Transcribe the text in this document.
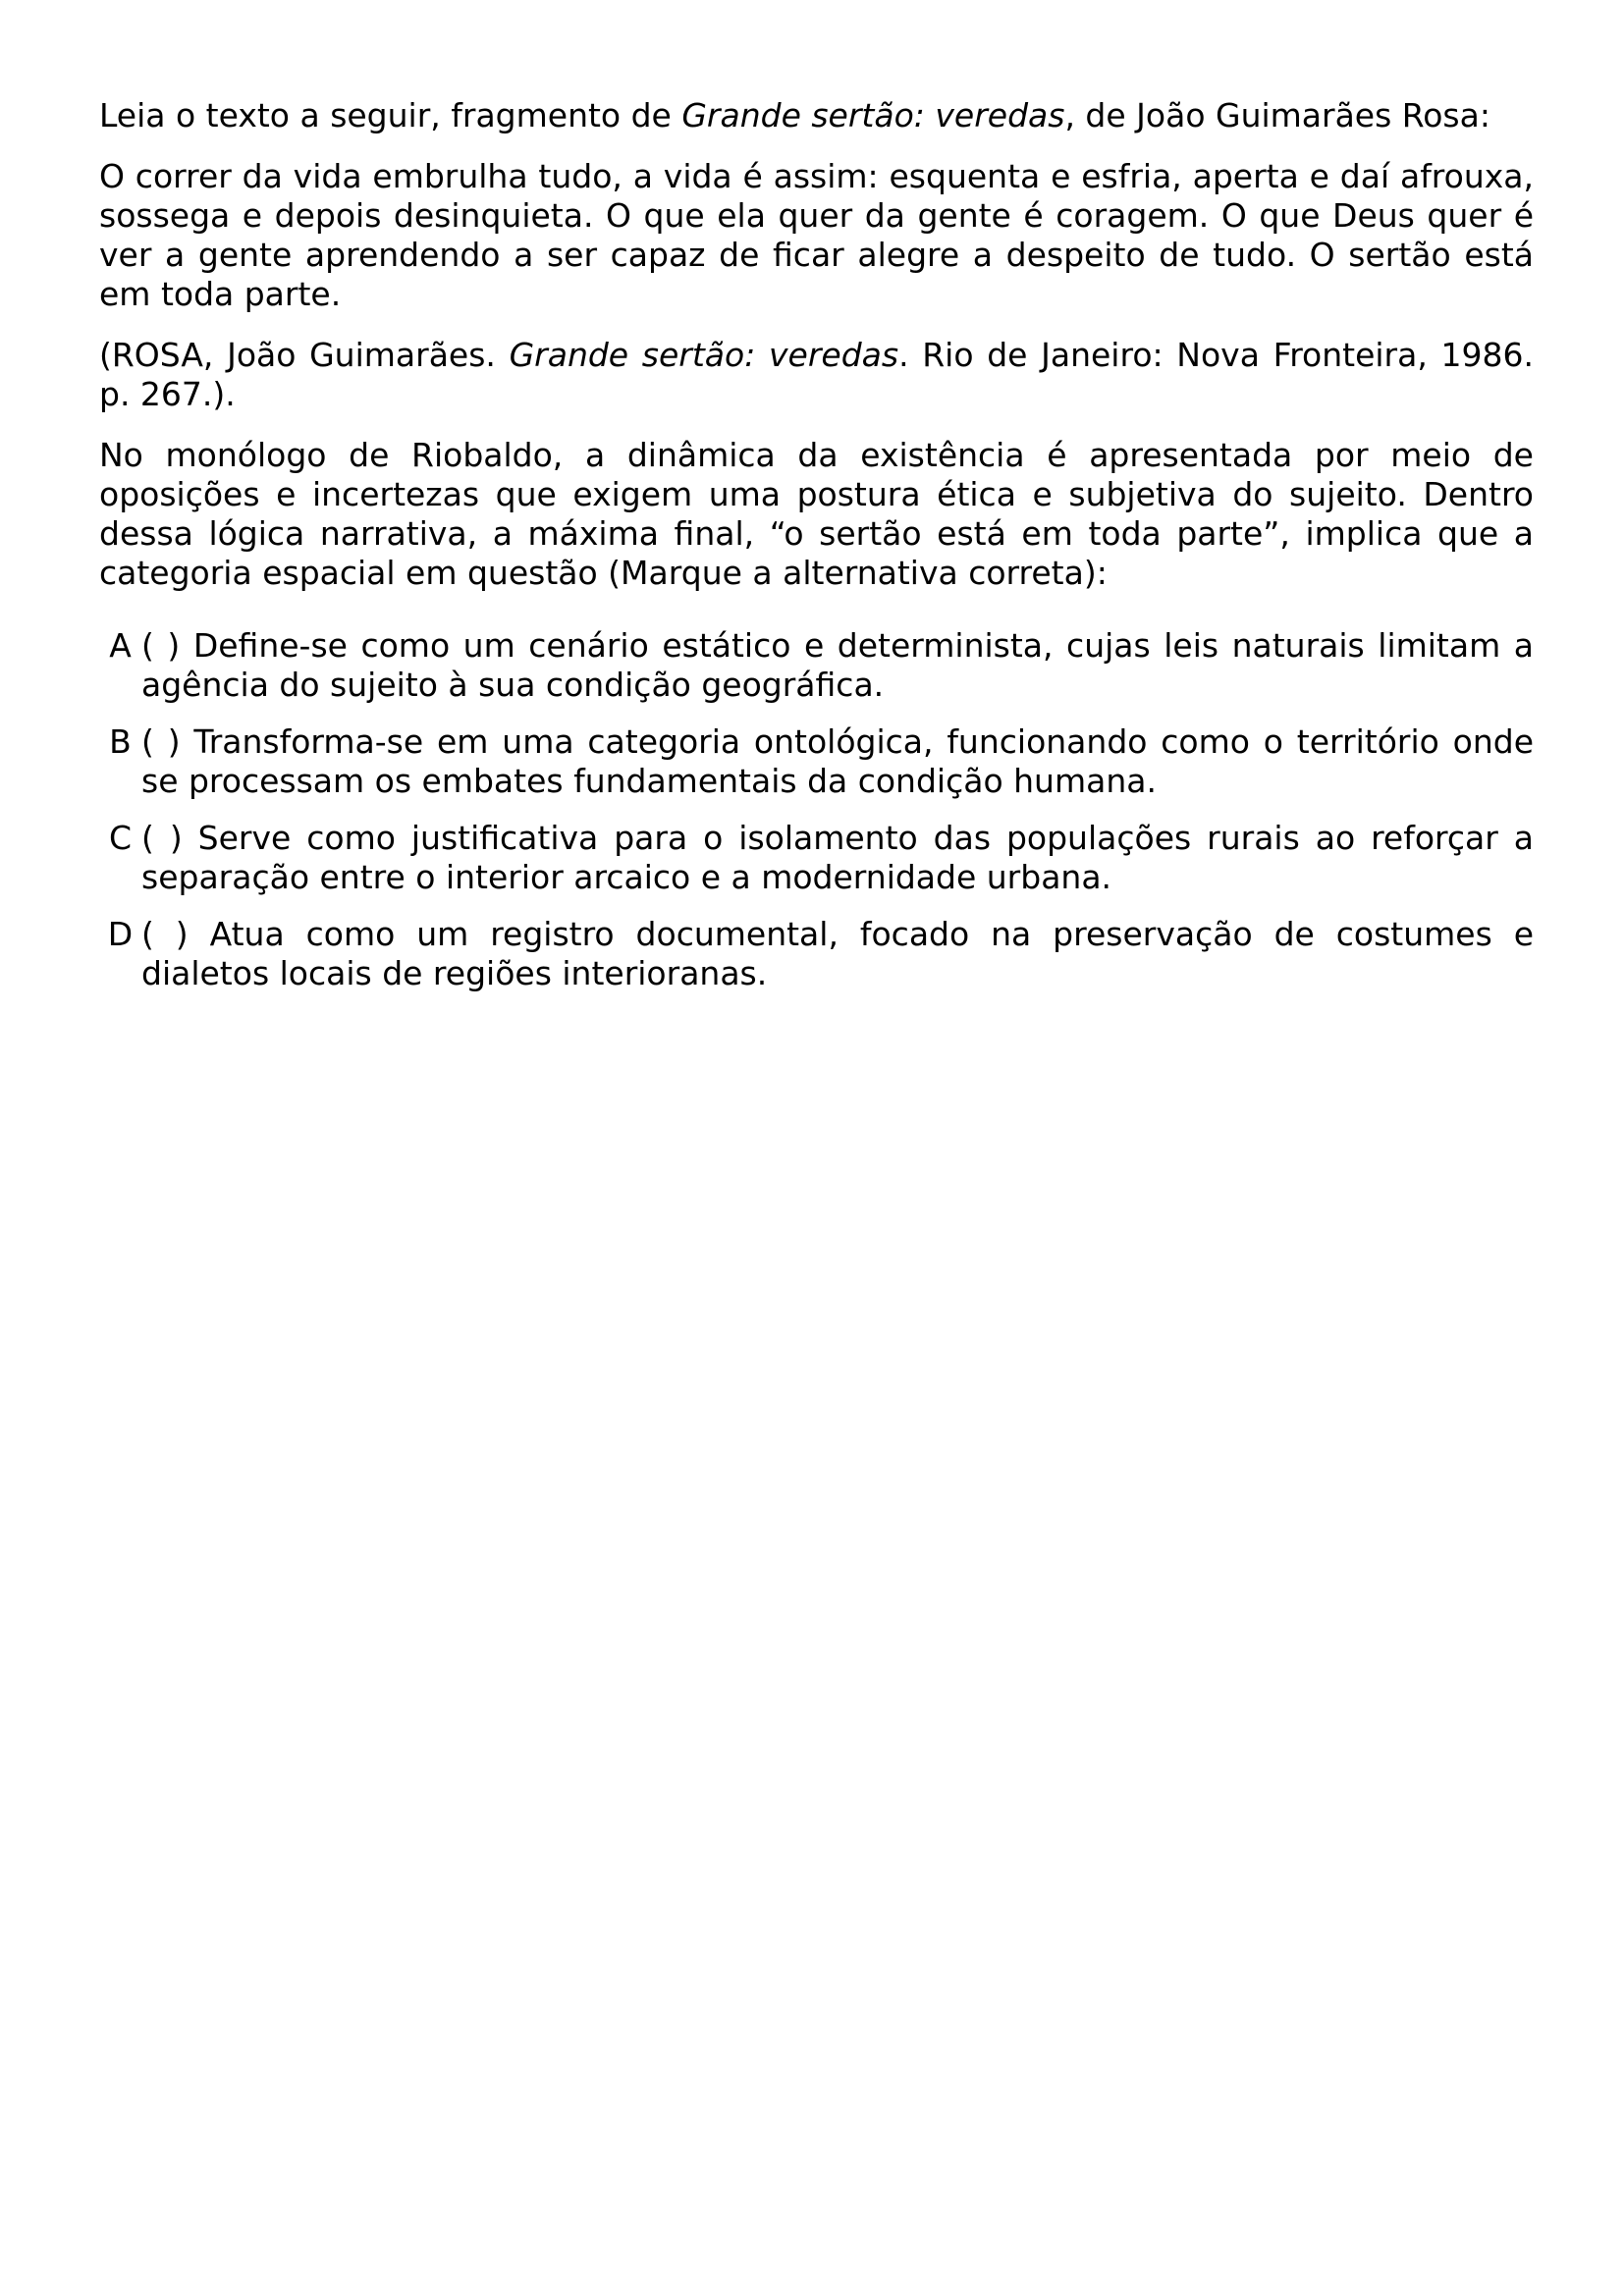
Leia o texto a seguir, fragmento de Grande sertão: veredas, de João Guimarães Rosa:

O correr da vida embrulha tudo, a vida é assim: esquenta e esfria, aperta e daí afrouxa, sossega e depois desinquieta. O que ela quer da gente é coragem. O que Deus quer é ver a gente aprendendo a ser capaz de ficar alegre a despeito de tudo. O sertão está em toda parte.

(ROSA, João Guimarães. Grande sertão: veredas. Rio de Janeiro: Nova Fronteira, 1986. p. 267.).

No monólogo de Riobaldo, a dinâmica da existência é apresentada por meio de oposições e incertezas que exigem uma postura ética e subjetiva do sujeito. Dentro dessa lógica narrativa, a máxima final, “o sertão está em toda parte”, implica que a categoria espacial em questão (Marque a alternativa correta):

A ( ) Define-se como um cenário estático e determinista, cujas leis naturais limitam a agência do sujeito à sua condição geográfica.
B ( ) Transforma-se em uma categoria ontológica, funcionando como o território onde se processam os embates fundamentais da condição humana.
C ( ) Serve como justificativa para o isolamento das populações rurais ao reforçar a separação entre o interior arcaico e a modernidade urbana.
D ( ) Atua como um registro documental, focado na preservação de costumes e dialetos locais de regiões interioranas.
